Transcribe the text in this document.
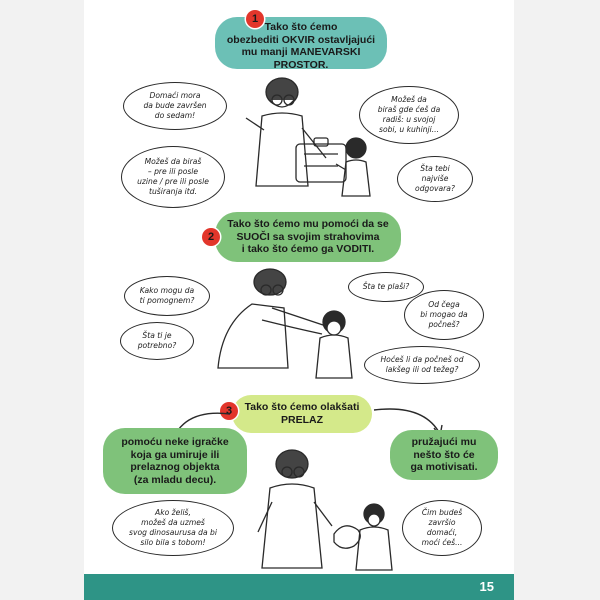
Tako što ćemo
obezbediti OKVIR ostavljajući
mu manji MANEVARSKI
PROSTOR.
1
Domaći mora
da bude završen
do sedam!
Možeš da
biraš gde ćeš da
radiš: u svojoj
sobi, u kuhinji...
Možeš da biraš
– pre ili posle
uzine / pre ili posle
tuširanja itd.
Šta tebi
najviše
odgovara?
Tako što ćemo mu pomoći da se
SUOČI sa svojim strahovima
i tako što ćemo ga VODITI.
2
Kako mogu da
ti pomognem?
Šta te plaši?
Od čega
bi mogao da
počneš?
Šta ti je
potrebno?
Hoćeš li da počneš od
lakšeg ili od težeg?
Tako što ćemo olakšati
PRELAZ
3
pomoću neke igračke
koja ga umiruje ili
prelaznog objekta
(za mladu decu).
pružajući mu
nešto što će
ga motivisati.
Ako želiš,
možeš da uzmeš
svog dinosaurusa da bi
silo bila s tobom!
Čim budeš
završio domaći,
moći ćeš...
15
